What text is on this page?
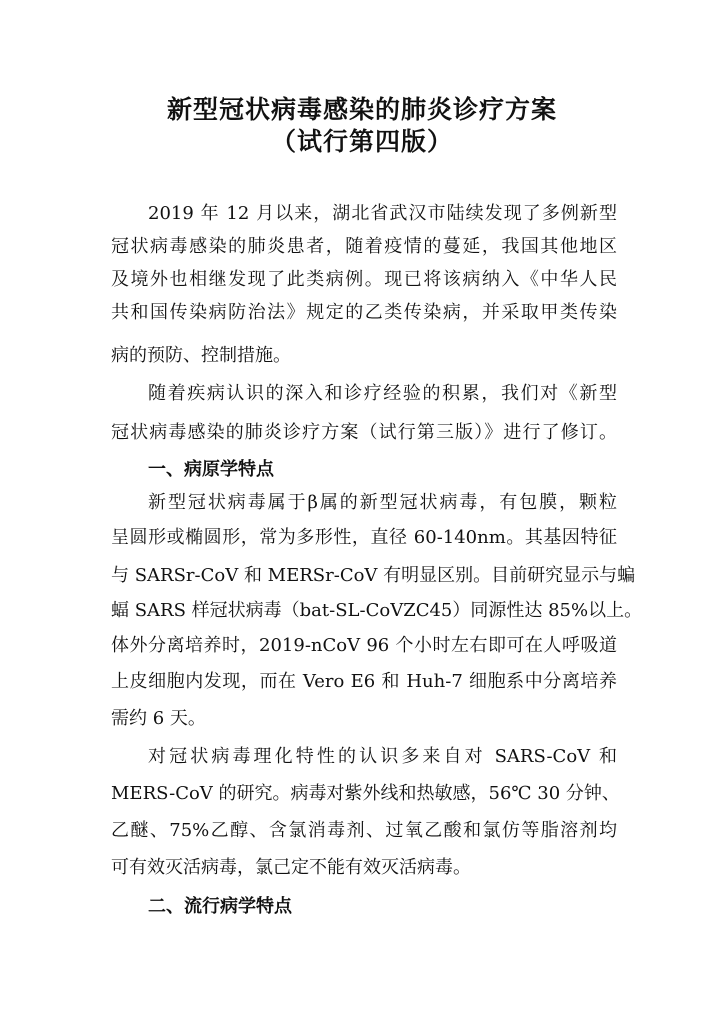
新型冠状病毒感染的肺炎诊疗方案
（试行第四版）

2019 年 12 月以来，湖北省武汉市陆续发现了多例新型

冠状病毒感染的肺炎患者，随着疫情的蔓延，我国其他地区

及境外也相继发现了此类病例。现已将该病纳入《中华人民

共和国传染病防治法》规定的乙类传染病，并采取甲类传染

病的预防、控制措施。

随着疾病认识的深入和诊疗经验的积累，我们对《新型

冠状病毒感染的肺炎诊疗方案（试行第三版）》进行了修订。

一、病原学特点

新型冠状病毒属于β属的新型冠状病毒，有包膜，颗粒

呈圆形或椭圆形，常为多形性，直径 60-140nm。其基因特征

与 SARSr-CoV 和 MERSr-CoV 有明显区别。目前研究显示与蝙

蝠 SARS 样冠状病毒（bat-SL-CoVZC45）同源性达 85%以上。

体外分离培养时，2019-nCoV 96 个小时左右即可在人呼吸道

上皮细胞内发现，而在 Vero E6 和 Huh-7 细胞系中分离培养

需约 6 天。

对冠状病毒理化特性的认识多来自对 SARS-CoV 和

MERS-CoV 的研究。病毒对紫外线和热敏感，56℃ 30 分钟、

乙醚、75%乙醇、含氯消毒剂、过氧乙酸和氯仿等脂溶剂均

可有效灭活病毒，氯己定不能有效灭活病毒。

二、流行病学特点
